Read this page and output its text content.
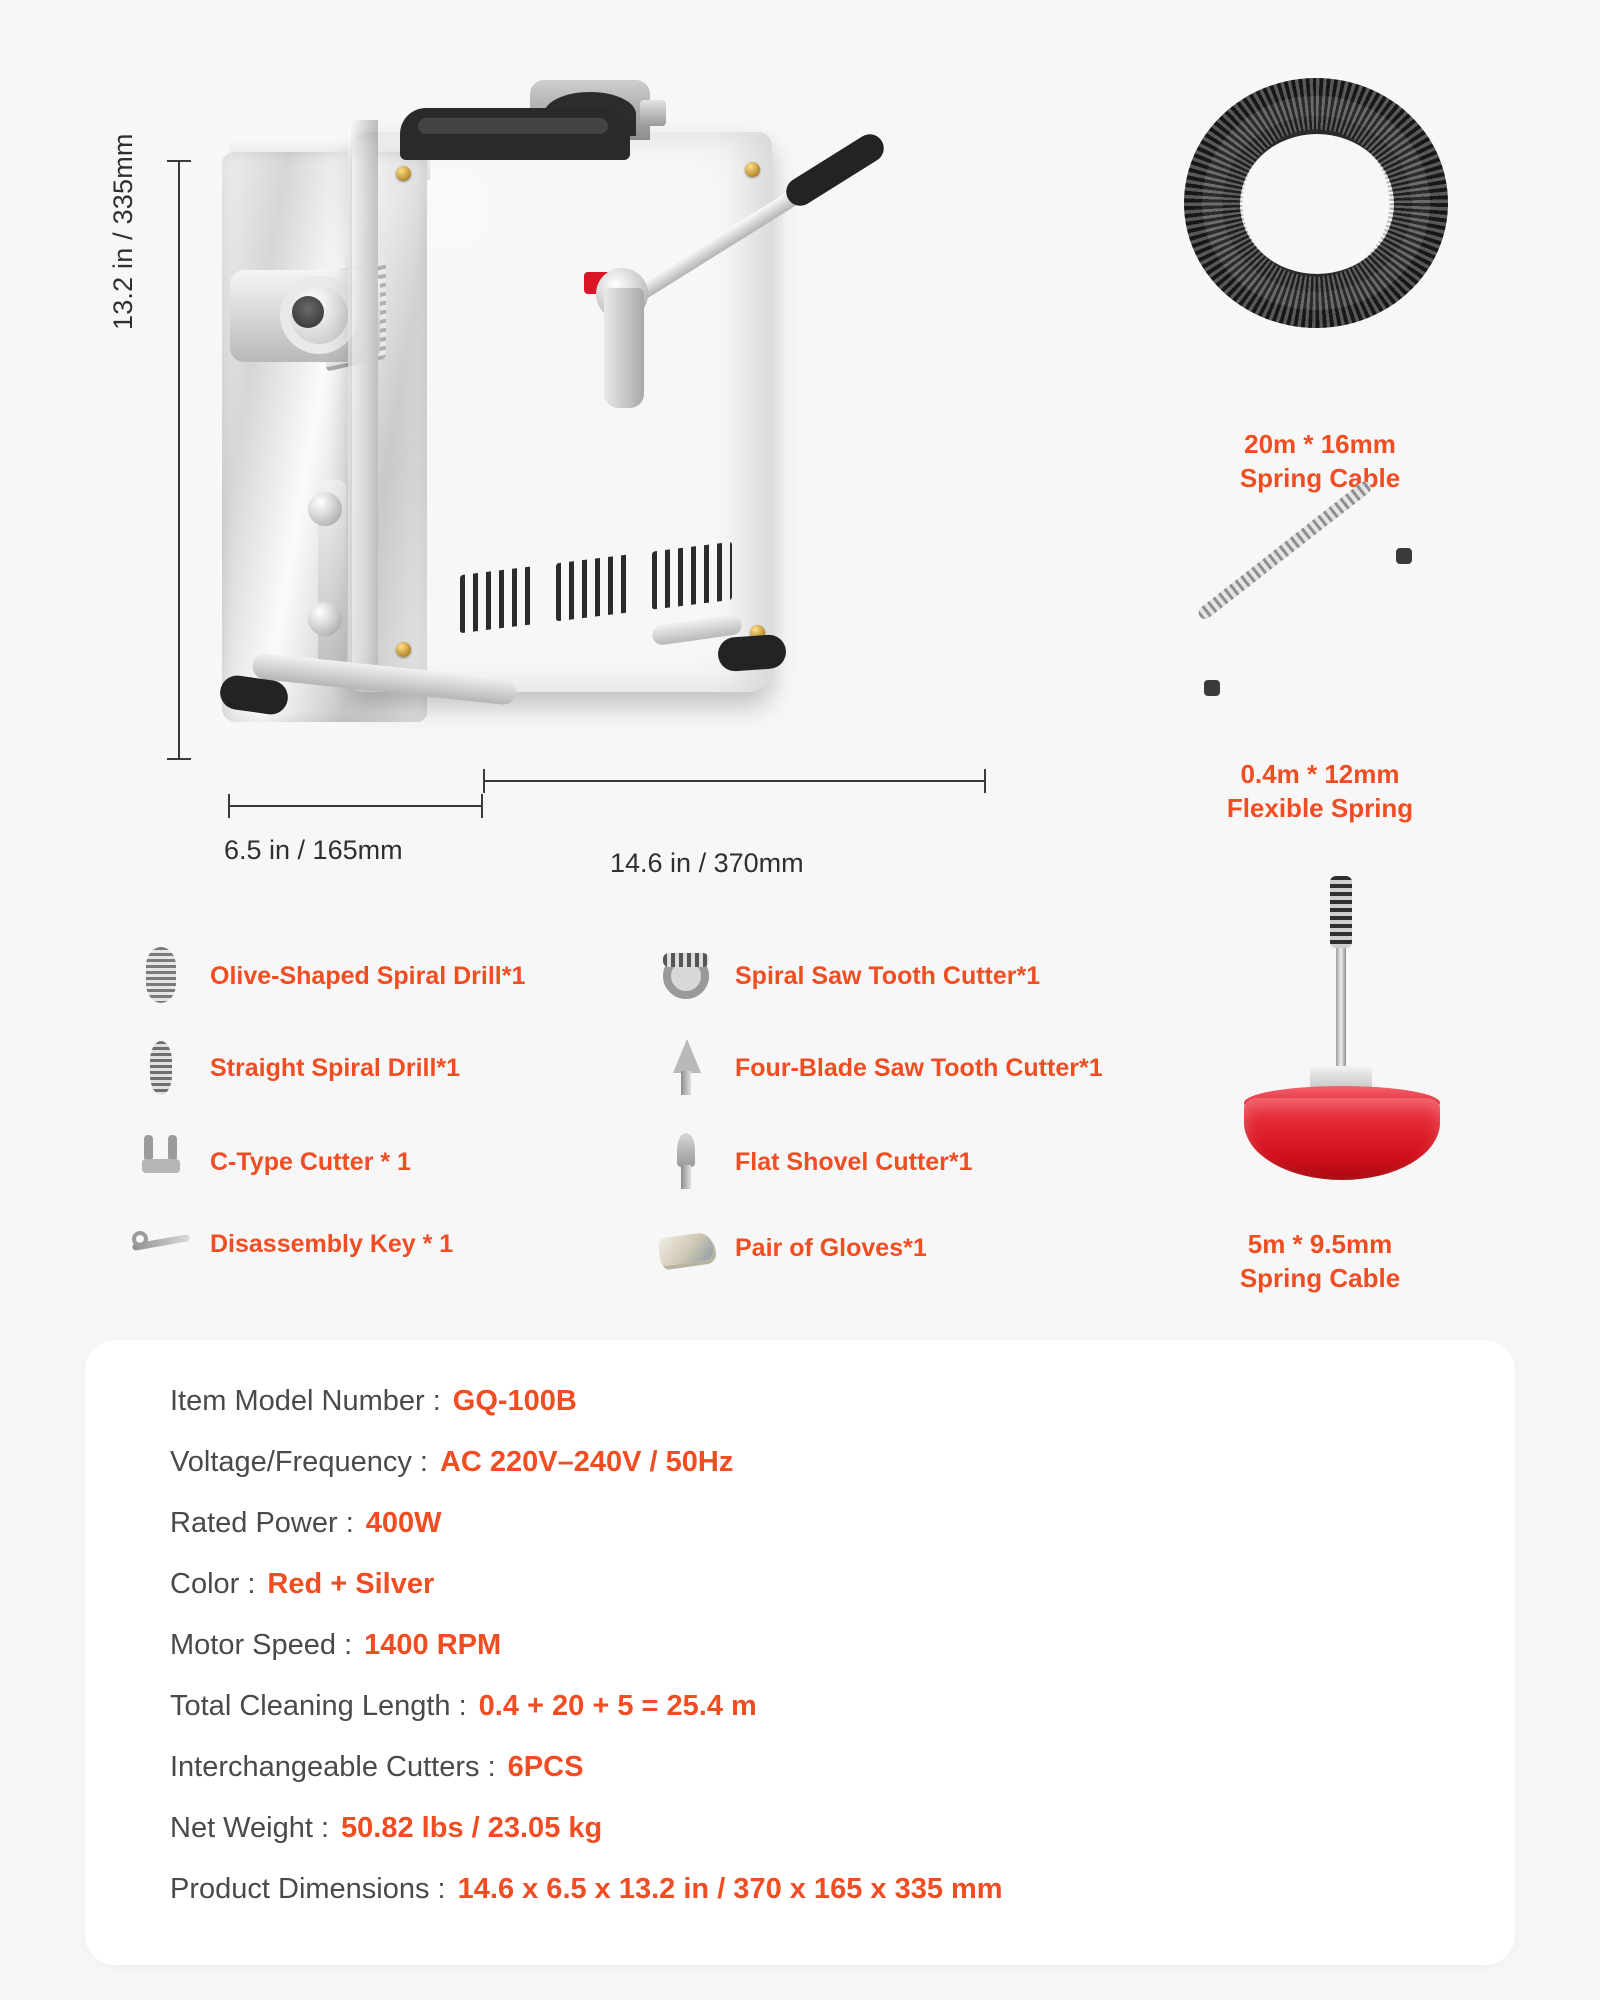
13.2 in / 335mm
6.5 in / 165mm	14.6 in / 370mm
20m * 16mm
Spring Cable
0.4m * 12mm
Flexible Spring
5m * 9.5mm
Spring Cable
Olive-Shaped Spiral Drill*1
Straight Spiral Drill*1
C-Type Cutter * 1
Disassembly Key * 1
Spiral Saw Tooth Cutter*1
Four-Blade Saw Tooth Cutter*1
Flat Shovel Cutter*1
Pair of Gloves*1
Item Model Number : GQ-100B
Voltage/Frequency : AC 220V–240V / 50Hz
Rated Power : 400W
Color : Red + Silver
Motor Speed : 1400 RPM
Total Cleaning Length : 0.4 + 20 + 5 = 25.4 m
Interchangeable Cutters : 6PCS
Net Weight : 50.82 lbs / 23.05 kg
Product Dimensions : 14.6 x 6.5 x 13.2 in / 370 x 165 x 335 mm
